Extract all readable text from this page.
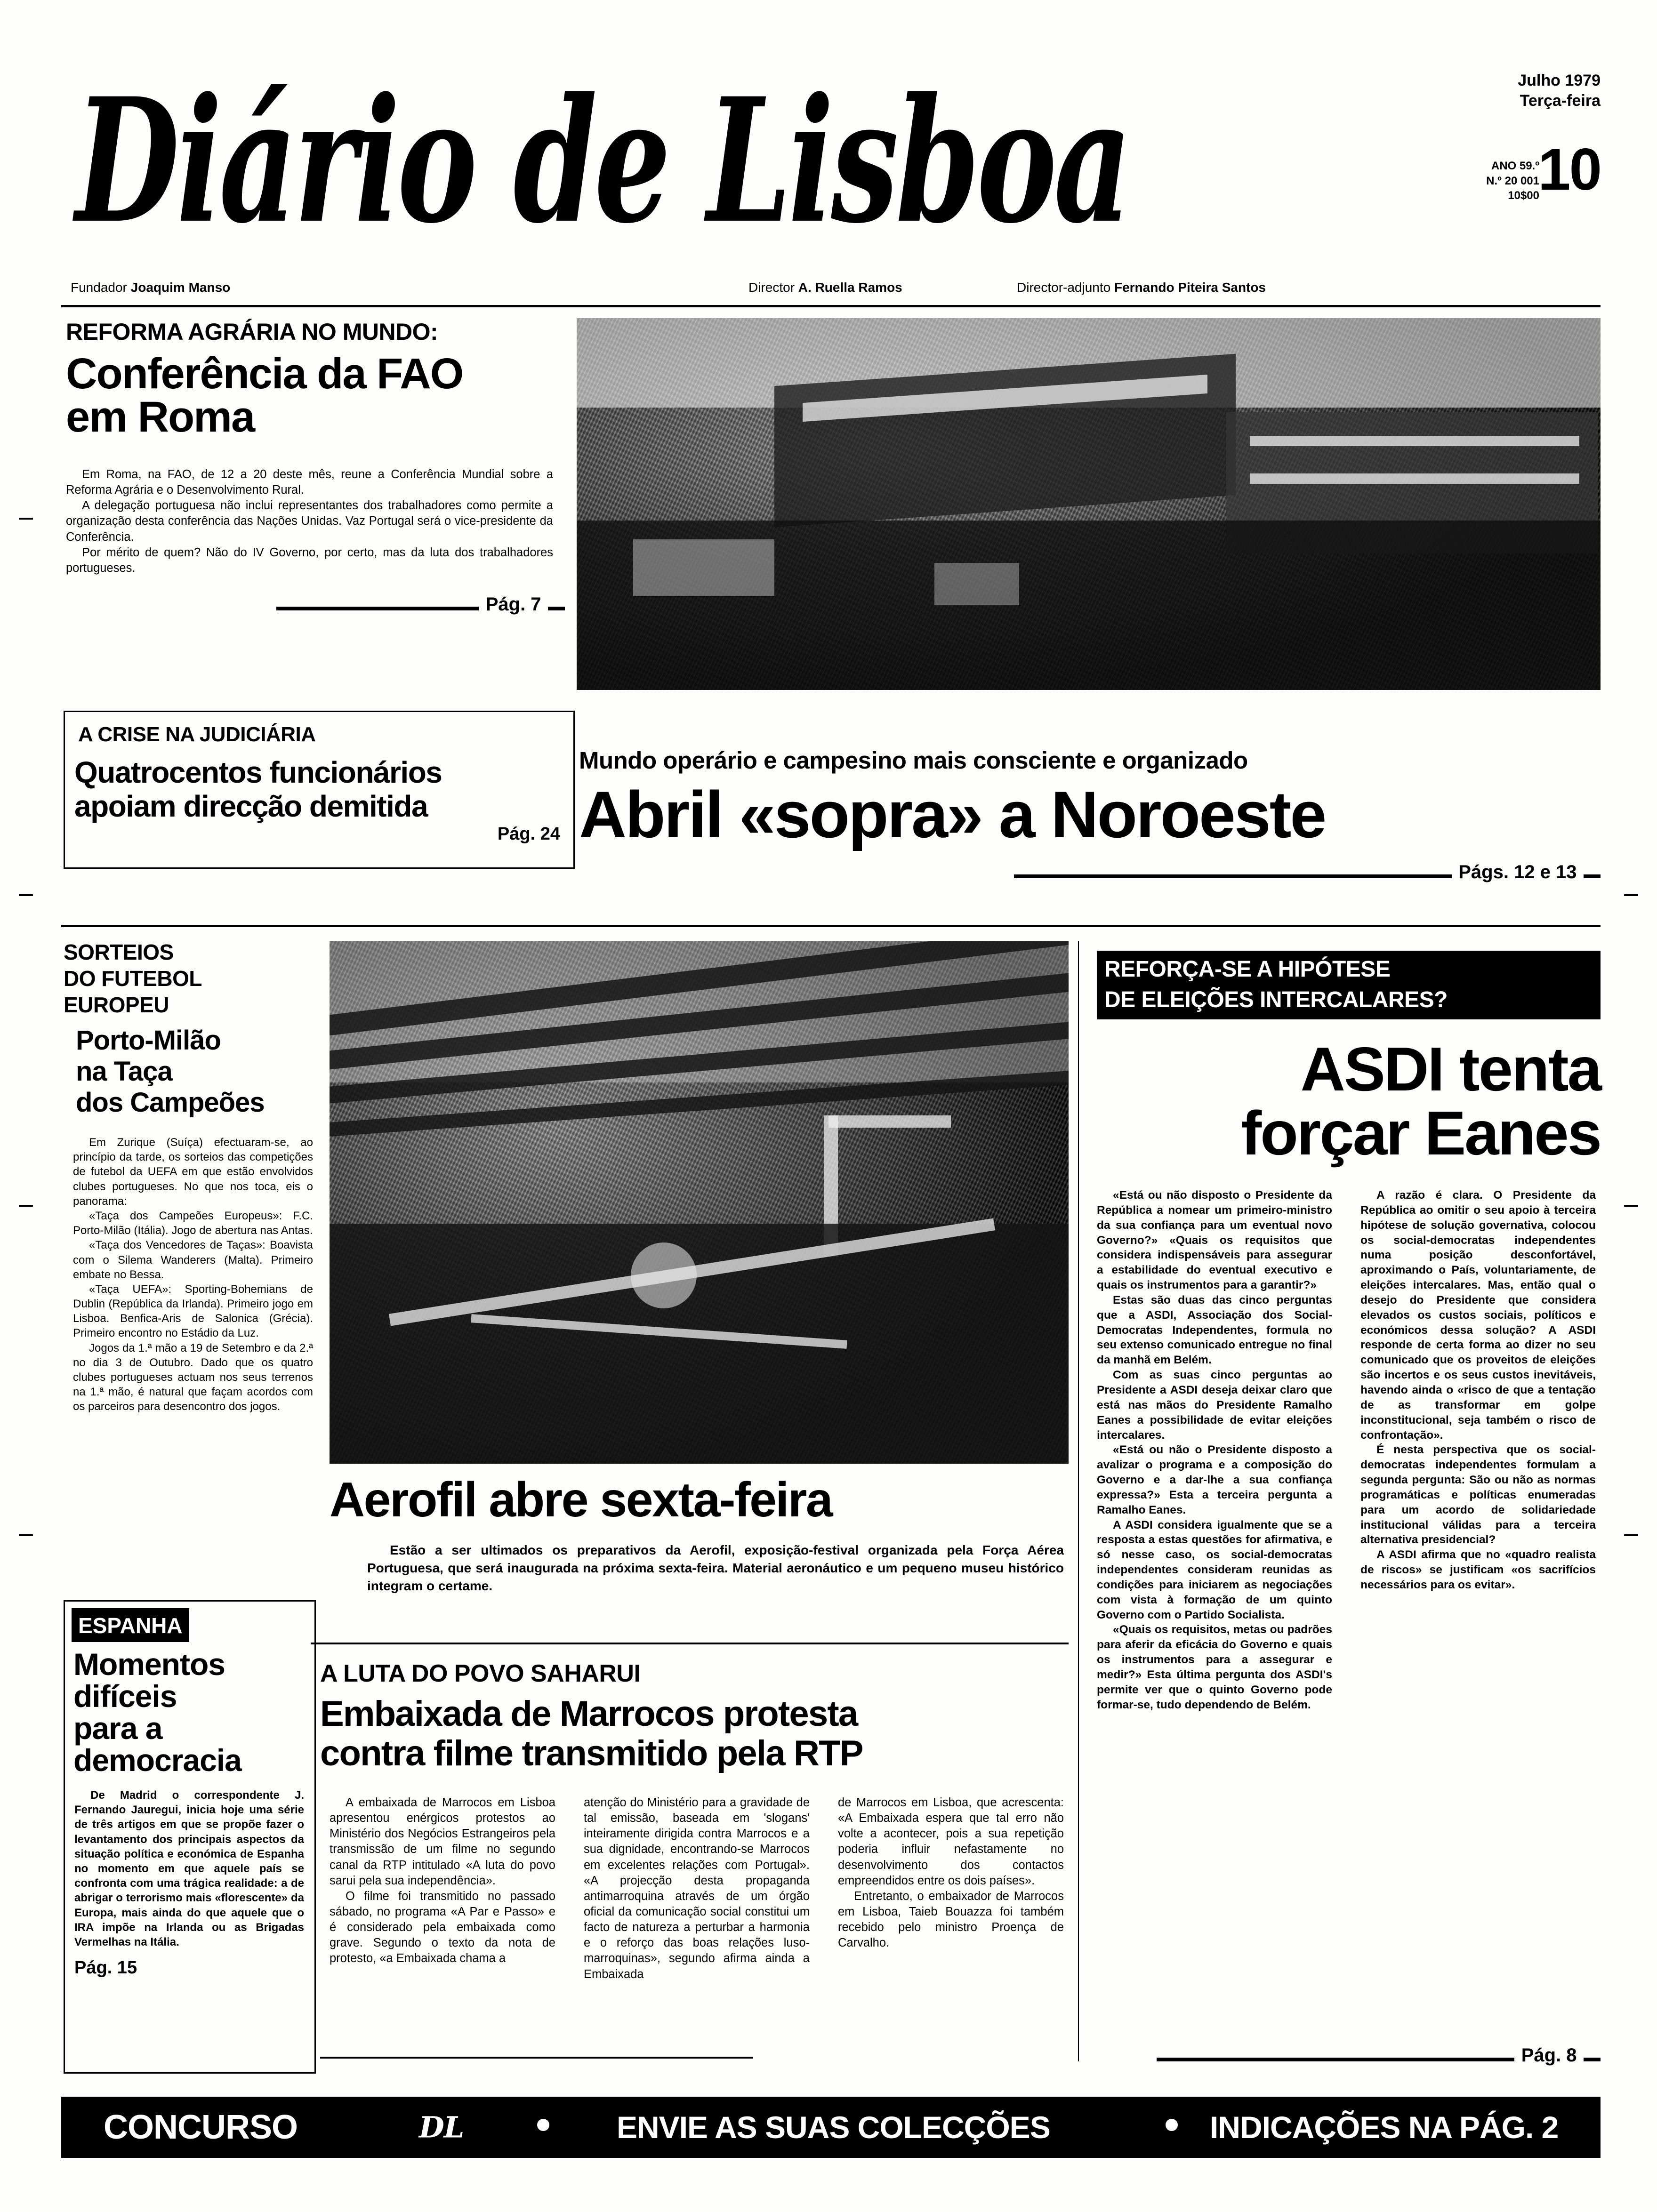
Diário de Lisboa	Julho 1979
Terça-feira
10
ANO 59.º
N.º 20 001
10$00
Fundador Joaquim Manso	Director A. Ruella Ramos	Director-adjunto Fernando Piteira Santos
REFORMA AGRÁRIA NO MUNDO:
Conferência da FAO
em Roma

Em Roma, na FAO, de 12 a 20 deste mês, reune a Conferência Mundial sobre a Reforma Agrária e o Desenvolvimento Rural.

A delegação portuguesa não inclui representantes dos trabalhadores como permite a organização desta conferência das Nações Unidas. Vaz Portugal será o vice-presidente da Conferência.

Por mérito de quem? Não do IV Governo, por certo, mas da luta dos trabalhadores portugueses.

Pág. 7
A CRISE NA JUDICIÁRIA
Quatrocentos funcionários
apoiam direcção demitida
Pág. 24
Mundo operário e campesino mais consciente e organizado
Abril «sopra» a Noroeste
Págs. 12 e 13
SORTEIOS
DO FUTEBOL
EUROPEU
Porto-Milão
na Taça
dos Campeões

Em Zurique (Suíça) efectuaram-se, ao princípio da tarde, os sorteios das competições de futebol da UEFA em que estão envolvidos clubes portugueses. No que nos toca, eis o panorama:

«Taça dos Campeões Europeus»: F.C. Porto-Milão (Itália). Jogo de abertura nas Antas.

«Taça dos Vencedores de Taças»: Boavista com o Silema Wanderers (Malta). Primeiro embate no Bessa.

«Taça UEFA»: Sporting-Bohemians de Dublin (República da Irlanda). Primeiro jogo em Lisboa. Benfica-Aris de Salonica (Grécia). Primeiro encontro no Estádio da Luz.

Jogos da 1.ª mão a 19 de Setembro e da 2.ª no dia 3 de Outubro. Dado que os quatro clubes portugueses actuam nos seus terrenos na 1.ª mão, é natural que façam acordos com os parceiros para desencontro dos jogos.

REFORÇA-SE A HIPÓTESE
DE ELEIÇÕES INTERCALARES?
ASDI tenta
forçar Eanes

«Está ou não disposto o Presidente da República a nomear um primeiro-ministro da sua confiança para um eventual novo Governo?» «Quais os requisitos que considera indispensáveis para assegurar a estabilidade do eventual executivo e quais os instrumentos para a garantir?»

Estas são duas das cinco perguntas que a ASDI, Associação dos Social-Democratas Independentes, formula no seu extenso comunicado entregue no final da manhã em Belém.

Com as suas cinco perguntas ao Presidente a ASDI deseja deixar claro que está nas mãos do Presidente Ramalho Eanes a possibilidade de evitar eleições intercalares.

«Está ou não o Presidente disposto a avalizar o programa e a composição do Governo e a dar-lhe a sua confiança expressa?» Esta a terceira pergunta a Ramalho Eanes.

A ASDI considera igualmente que se a resposta a estas questões for afirmativa, e só nesse caso, os social-democratas independentes consideram reunidas as condições para iniciarem as negociações com vista à formação de um quinto Governo com o Partido Socialista.

«Quais os requisitos, metas ou padrões para aferir da eficácia do Governo e quais os instrumentos para a assegurar e medir?» Esta última pergunta dos ASDI's permite ver que o quinto Governo pode formar-se, tudo dependendo de Belém.

A razão é clara. O Presidente da República ao omitir o seu apoio à terceira hipótese de solução governativa, colocou os social-democratas independentes numa posição desconfortável, aproximando o País, voluntariamente, de eleições intercalares. Mas, então qual o desejo do Presidente que considera elevados os custos sociais, políticos e económicos dessa solução? A ASDI responde de certa forma ao dizer no seu comunicado que os proveitos de eleições são incertos e os seus custos inevitáveis, havendo ainda o «risco de que a tentação de as transformar em golpe inconstitucional, seja também o risco de confrontação».

É nesta perspectiva que os social-democratas independentes formulam a segunda pergunta: São ou não as normas programáticas e políticas enumeradas para um acordo de solidariedade institucional válidas para a terceira alternativa presidencial?

A ASDI afirma que no «quadro realista de riscos» se justificam «os sacrifícios necessários para os evitar».

Pág. 8
Aerofil abre sexta-feira

Estão a ser ultimados os preparativos da Aerofil, exposição-festival organizada pela Força Aérea Portuguesa, que será inaugurada na próxima sexta-feira. Material aeronáutico e um pequeno museu histórico integram o certame.

ESPANHA
Momentos
difíceis
para a
democracia

De Madrid o correspondente J. Fernando Jauregui, inicia hoje uma série de três artigos em que se propõe fazer o levantamento dos principais aspectos da situação política e económica de Espanha no momento em que aquele país se confronta com uma trágica realidade: a de abrigar o terrorismo mais «florescente» da Europa, mais ainda do que aquele que o IRA impõe na Irlanda ou as Brigadas Vermelhas na Itália.

Pág. 15
A LUTA DO POVO SAHARUI
Embaixada de Marrocos protesta
contra filme transmitido pela RTP

A embaixada de Marrocos em Lisboa apresentou enérgicos protestos ao Ministério dos Negócios Estrangeiros pela transmissão de um filme no segundo canal da RTP intitulado «A luta do povo sarui pela sua independência».

O filme foi transmitido no passado sábado, no programa «A Par e Passo» e é considerado pela embaixada como grave. Segundo o texto da nota de protesto, «a Embaixada chama a

atenção do Ministério para a gravidade de tal emissão, baseada em 'slogans' inteiramente dirigida contra Marrocos e a sua dignidade, encontrando-se Marrocos em excelentes relações com Portugal». «A projecção desta propaganda antimarroquina através de um órgão oficial da comunicação social constitui um facto de natureza a perturbar a harmonia e o reforço das boas relações luso-marroquinas», segundo afirma ainda a Embaixada

de Marrocos em Lisboa, que acrescenta: «A Embaixada espera que tal erro não volte a acontecer, pois a sua repetição poderia influir nefastamente no desenvolvimento dos contactos empreendidos entre os dois países».

Entretanto, o embaixador de Marrocos em Lisboa, Taieb Bouazza foi também recebido pelo ministro Proença de Carvalho.

CONCURSO	DL	ENVIE AS SUAS COLECÇÕES	INDICAÇÕES NA PÁG. 2
